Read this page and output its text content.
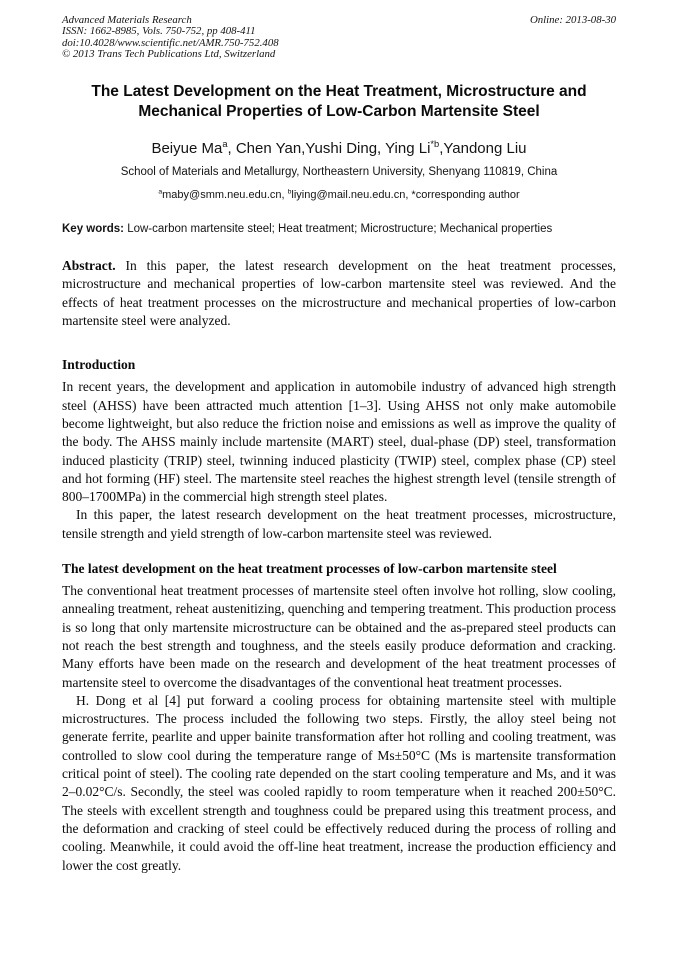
Advanced Materials Research
ISSN: 1662-8985, Vols. 750-752, pp 408-411
doi:10.4028/www.scientific.net/AMR.750-752.408
© 2013 Trans Tech Publications Ltd, Switzerland
Online: 2013-08-30
The Latest Development on the Heat Treatment, Microstructure and
Mechanical Properties of Low-Carbon Martensite Steel
Beiyue Ma$^a$, Chen Yan,Yushi Ding, Ying Li$^{*b}$,Yandong Liu
School of Materials and Metallurgy, Northeastern University, Shenyang 110819, China
$^a$maby@smm.neu.edu.cn, $^b$liying@mail.neu.edu.cn, *corresponding author
Key words: Low-carbon martensite steel; Heat treatment; Microstructure; Mechanical properties

Abstract. In this paper, the latest research development on the heat treatment processes, microstructure and mechanical properties of low-carbon martensite steel was reviewed. And the effects of heat treatment processes on the microstructure and mechanical properties of low-carbon martensite steel were analyzed.

Introduction

In recent years, the development and application in automobile industry of advanced high strength steel (AHSS) have been attracted much attention [1–3]. Using AHSS not only make automobile become lightweight, but also reduce the friction noise and emissions as well as improve the quality of the body. The AHSS mainly include martensite (MART) steel, dual-phase (DP) steel, transformation induced plasticity (TRIP) steel, twinning induced plasticity (TWIP) steel, complex phase (CP) steel and hot forming (HF) steel. The martensite steel reaches the highest strength level (tensile strength of 800–1700MPa) in the commercial high strength steel plates.

In this paper, the latest research development on the heat treatment processes, microstructure, tensile strength and yield strength of low-carbon martensite steel was reviewed.

The latest development on the heat treatment processes of low-carbon martensite steel

The conventional heat treatment processes of martensite steel often involve hot rolling, slow cooling, annealing treatment, reheat austenitizing, quenching and tempering treatment. This production process is so long that only martensite microstructure can be obtained and the as-prepared steel products can not reach the best strength and toughness, and the steels easily produce deformation and cracking. Many efforts have been made on the research and development of the heat treatment processes of martensite steel to overcome the disadvantages of the conventional heat treatment processes.

H. Dong et al [4] put forward a cooling process for obtaining martensite steel with multiple microstructures. The process included the following two steps. Firstly, the alloy steel being not generate ferrite, pearlite and upper bainite transformation after hot rolling and cooling treatment, was controlled to slow cool during the temperature range of Ms±50°C (Ms is martensite transformation critical point of steel). The cooling rate depended on the start cooling temperature and Ms, and it was 2–0.02°C/s. Secondly, the steel was cooled rapidly to room temperature when it reached 200±50°C. The steels with excellent strength and toughness could be prepared using this treatment process, and the deformation and cracking of steel could be effectively reduced during the process of rolling and cooling. Meanwhile, it could avoid the off-line heat treatment, increase the production efficiency and lower the cost greatly.
